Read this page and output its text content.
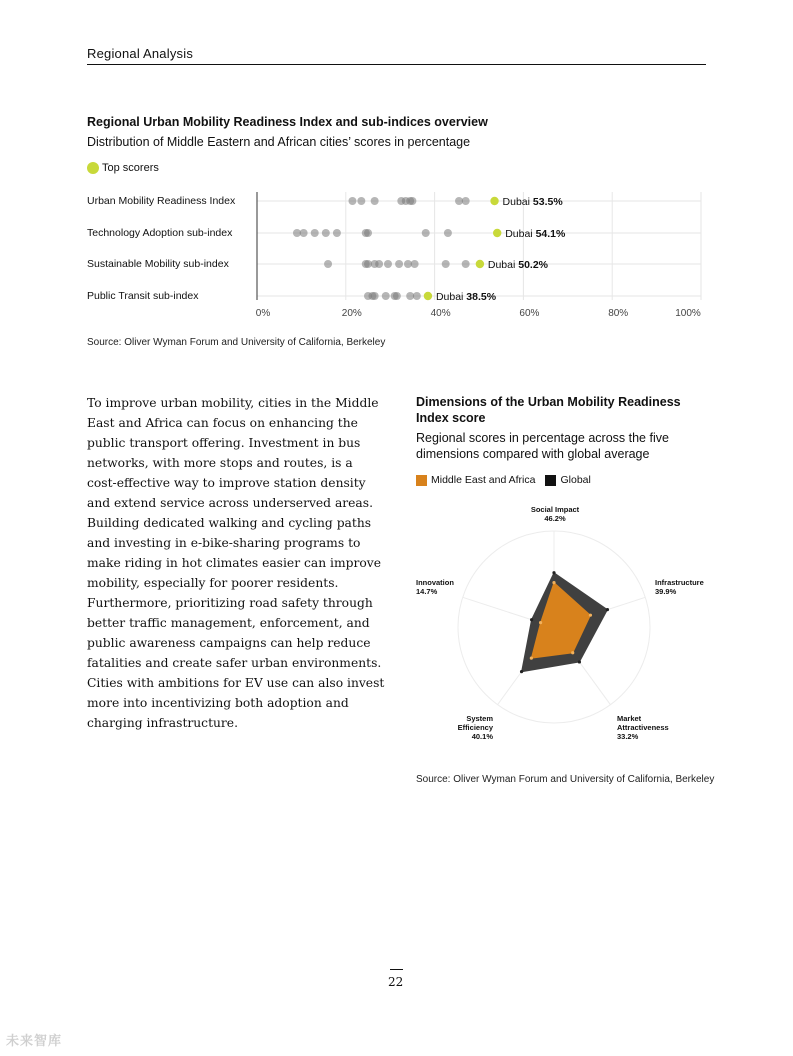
Regional Analysis
Regional Urban Mobility Readiness Index and sub-indices overview
Distribution of Middle Eastern and African cities’ scores in percentage
Top scorers
Urban Mobility Readiness Index
Technology Adoption sub-index
Sustainable Mobility sub-index
Public Transit sub-index
0%	20%	40%	60%	80%	100%
Dubai 53.5%
Dubai 54.1%
Dubai 50.2%
Dubai 38.5%
Source: Oliver Wyman Forum and University of California, Berkeley
To improve urban mobility, cities in the Middle
East and Africa can focus on enhancing the
public transport offering. Investment in bus
networks, with more stops and routes, is a
cost-effective way to improve station density
and extend service across underserved areas.
Building dedicated walking and cycling paths
and investing in e-bike-sharing programs to
make riding in hot climates easier can improve
mobility, especially for poorer residents.
Furthermore, prioritizing road safety through
better traffic management, enforcement, and
public awareness campaigns can help reduce
fatalities and create safer urban environments.
Cities with ambitions for EV use can also invest
more into incentivizing both adoption and
charging infrastructure.
Dimensions of the Urban Mobility Readiness Index score
Regional scores in percentage across the five dimensions compared with global average
Middle East and Africa Global
Social Impact
46.2%
Infrastructure
39.9%
Market
Attractiveness
33.2%
System
Efficiency
40.1%
Innovation
14.7%
Source: Oliver Wyman Forum and University of California, Berkeley
22
未来智库
